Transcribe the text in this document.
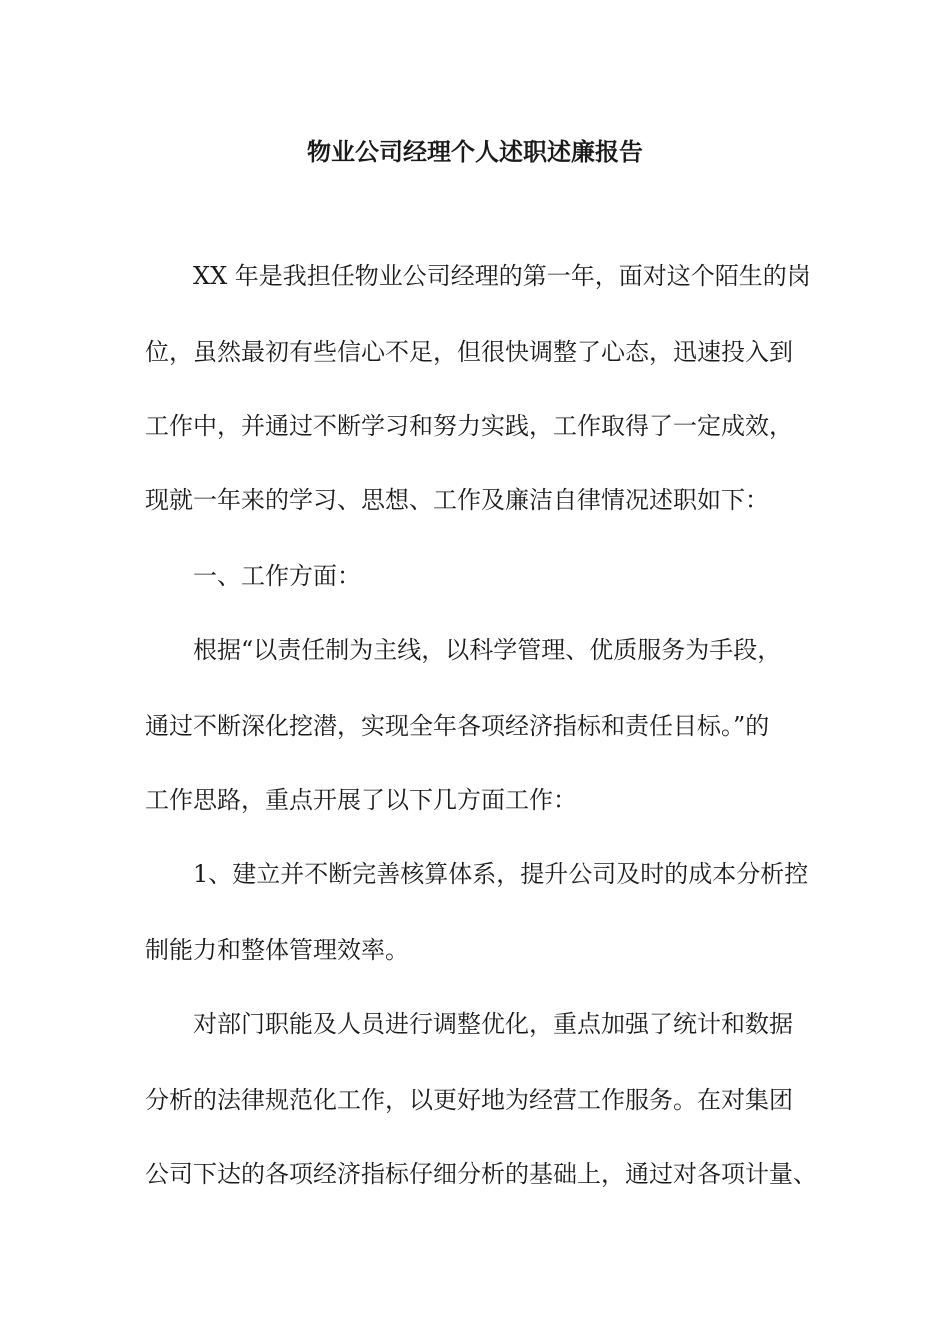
物业公司经理个人述职述廉报告
XX 年是我担任物业公司经理的第一年，面对这个陌生的岗
位，虽然最初有些信心不足，但很快调整了心态，迅速投入到
工作中，并通过不断学习和努力实践，工作取得了一定成效，
现就一年来的学习、思想、工作及廉洁自律情况述职如下：
一、工作方面：
根据“以责任制为主线，以科学管理、优质服务为手段，
通过不断深化挖潜，实现全年各项经济指标和责任目标。”的
工作思路，重点开展了以下几方面工作：
1、建立并不断完善核算体系，提升公司及时的成本分析控
制能力和整体管理效率。
对部门职能及人员进行调整优化，重点加强了统计和数据
分析的法律规范化工作，以更好地为经营工作服务。在对集团
公司下达的各项经济指标仔细分析的基础上，通过对各项计量、
